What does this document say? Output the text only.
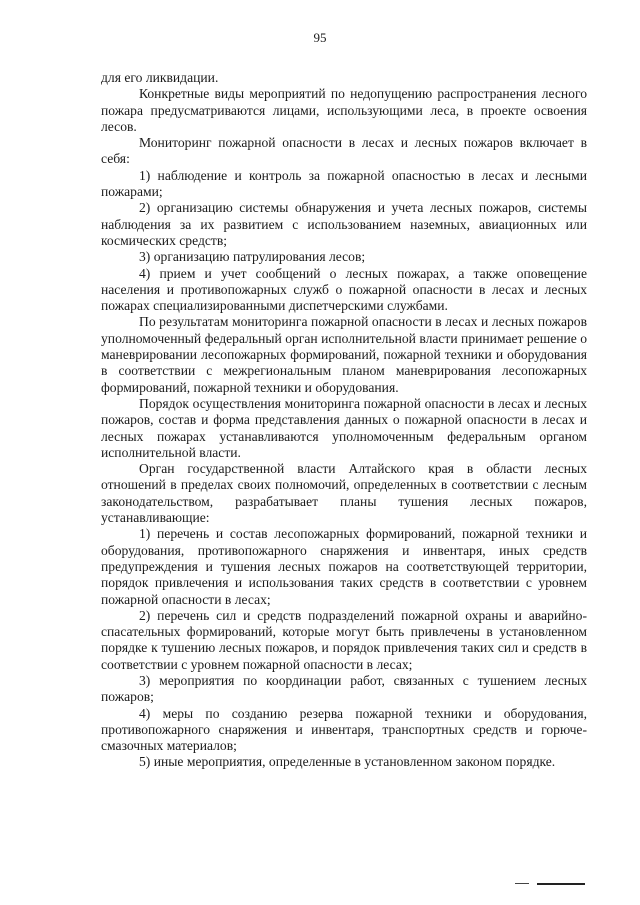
95

для его ликвидации.

Конкретные виды мероприятий по недопущению распространения лесного пожара предусматриваются лицами, использующими леса, в проекте освоения лесов.

Мониторинг пожарной опасности в лесах и лесных пожаров включает в себя:

1) наблюдение и контроль за пожарной опасностью в лесах и лесными пожарами;

2) организацию системы обнаружения и учета лесных пожаров, системы наблюдения за их развитием с использованием наземных, авиационных или космических средств;

3) организацию патрулирования лесов;

4) прием и учет сообщений о лесных пожарах, а также оповещение населения и противопожарных служб о пожарной опасности в лесах и лесных пожарах специализированными диспетчерскими службами.

По результатам мониторинга пожарной опасности в лесах и лесных пожаров уполномоченный федеральный орган исполнительной власти принимает решение о маневрировании лесопожарных формирований, пожарной техники и оборудования в соответствии с межрегиональным планом маневрирования лесопожарных формирований, пожарной техники и оборудования.

Порядок осуществления мониторинга пожарной опасности в лесах и лесных пожаров, состав и форма представления данных о пожарной опасности в лесах и лесных пожарах устанавливаются уполномоченным федеральным органом исполнительной власти.

Орган государственной власти Алтайского края в области лесных отношений в пределах своих полномочий, определенных в соответствии с лесным законодательством, разрабатывает планы тушения лесных пожаров, устанавливающие:

1) перечень и состав лесопожарных формирований, пожарной техники и оборудования, противопожарного снаряжения и инвентаря, иных средств предупреждения и тушения лесных пожаров на соответствующей территории, порядок привлечения и использования таких средств в соответствии с уровнем пожарной опасности в лесах;

2) перечень сил и средств подразделений пожарной охраны и аварийно-спасательных формирований, которые могут быть привлечены в установленном порядке к тушению лесных пожаров, и порядок привлечения таких сил и средств в соответствии с уровнем пожарной опасности в лесах;

3) мероприятия по координации работ, связанных с тушением лесных пожаров;

4) меры по созданию резерва пожарной техники и оборудования, противопожарного снаряжения и инвентаря, транспортных средств и горюче-смазочных материалов;

5) иные мероприятия, определенные в установленном законом порядке.
